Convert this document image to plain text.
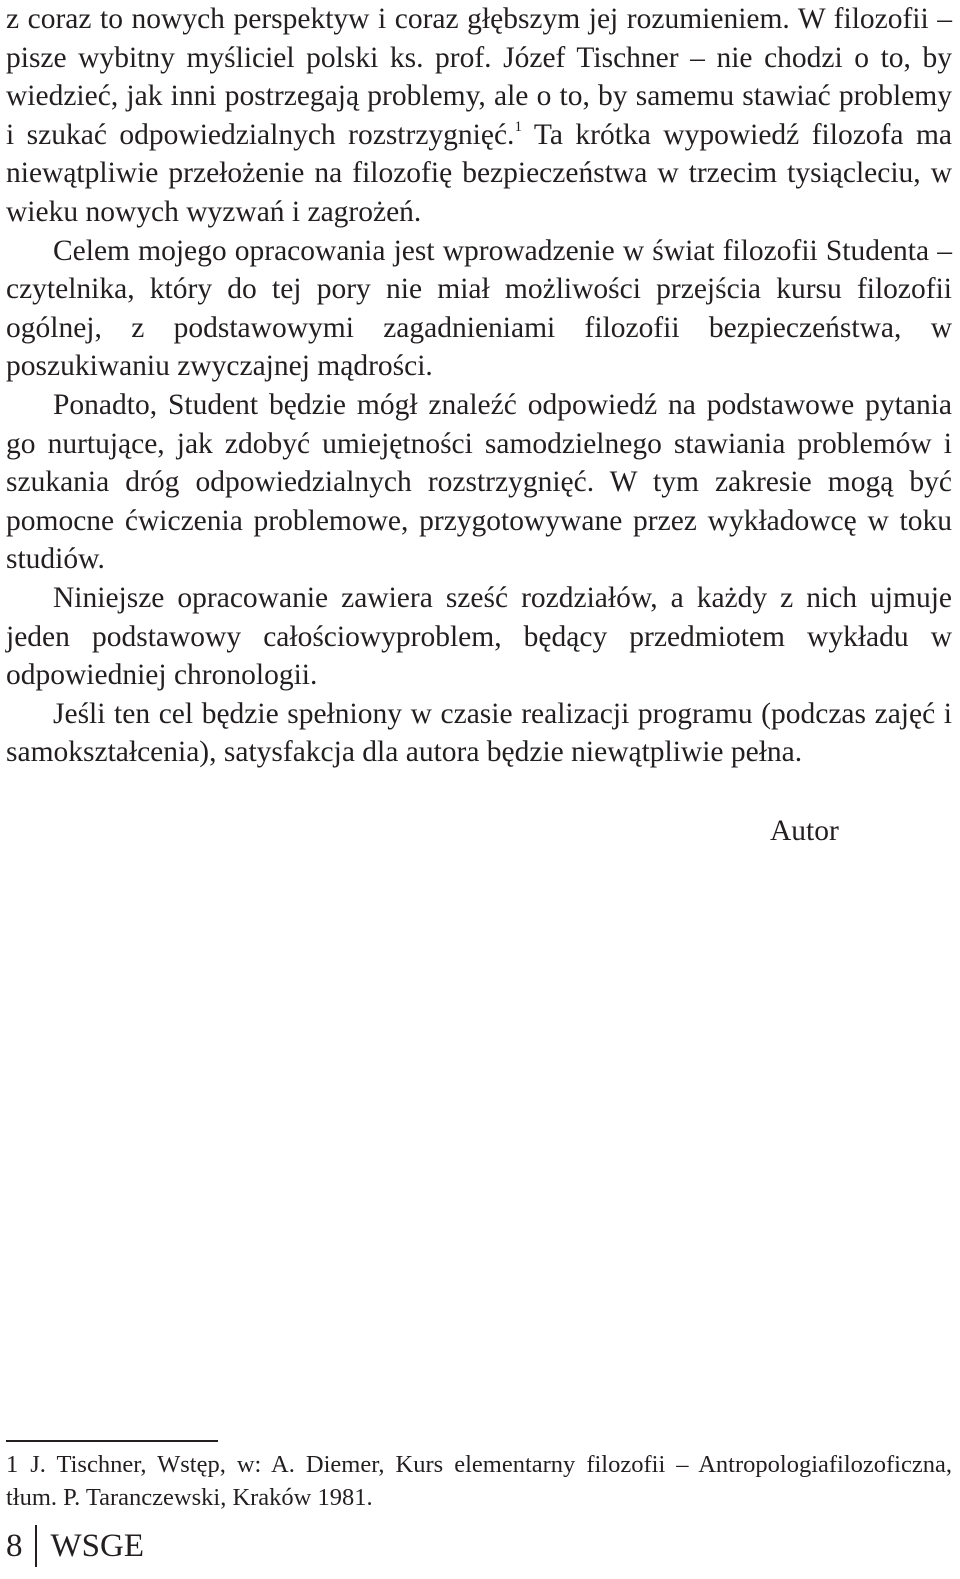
z coraz to nowych perspektyw i coraz głębszym jej rozumieniem. W filozofii – pisze wybitny myśliciel polski ks. prof. Józef Tischner – nie chodzi o to, by wiedzieć, jak inni postrzegają problemy, ale o to, by samemu stawiać problemy i szukać odpowiedzialnych rozstrzygnięć.$^1$ Ta krótka wypowiedź filozofa ma niewątpliwie przełożenie na filozofię bezpieczeństwa w trzecim tysiącleciu, w wieku nowych wyzwań i zagrożeń.

Celem mojego opracowania jest wprowadzenie w świat filozofii Studenta – czytelnika, który do tej pory nie miał możliwości przejścia kursu filozofii ogólnej, z podstawowymi zagadnieniami filozofii bezpieczeństwa, w poszukiwaniu zwyczajnej mądrości.

Ponadto, Student będzie mógł znaleźć odpowiedź na podstawowe pytania go nurtujące, jak zdobyć umiejętności samodzielnego stawiania problemów i szukania dróg odpowiedzialnych rozstrzygnięć. W tym zakresie mogą być pomocne ćwiczenia problemowe, przygotowywane przez wykładowcę w toku studiów.

Niniejsze opracowanie zawiera sześć rozdziałów, a każdy z nich ujmuje jeden podstawowy całościowyproblem, będący przedmiotem wykładu w odpowiedniej chronologii.

Jeśli ten cel będzie spełniony w czasie realizacji programu (podczas zajęć i samokształcenia), satysfakcja dla autora będzie niewątpliwie pełna.

Autor

1 J. Tischner, Wstęp, w: A. Diemer, Kurs elementarny filozofii – Antropologiafilozoficzna, tłum. P. Taranczewski, Kraków 1981.

8 WSGE
